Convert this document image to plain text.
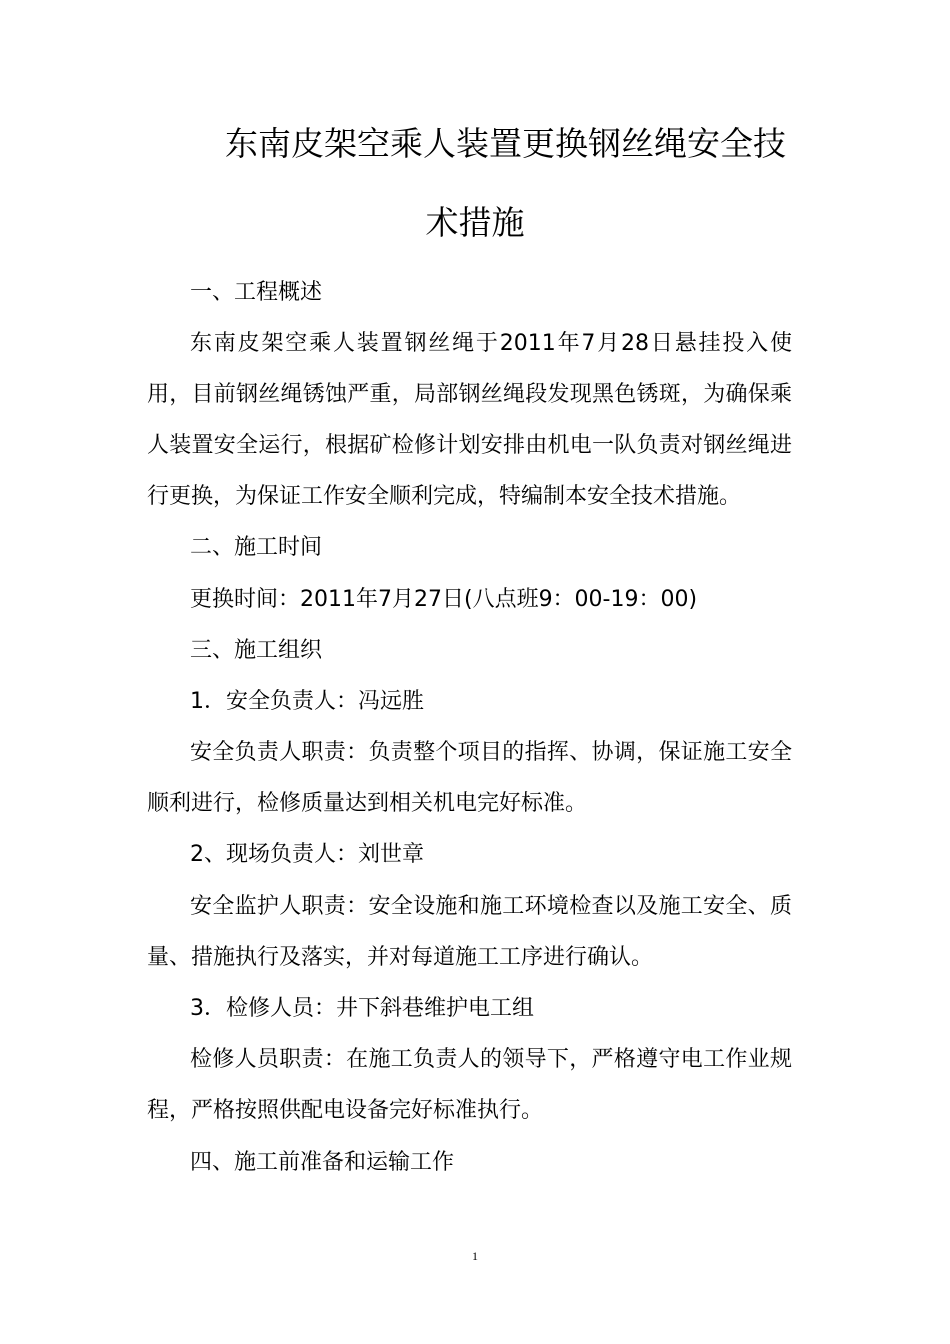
东南皮架空乘人装置更换钢丝绳安全技
术措施
一、工程概述
东南皮架空乘人装置钢丝绳于2011年7月28日悬挂投入使
用，目前钢丝绳锈蚀严重，局部钢丝绳段发现黑色锈斑，为确保乘
人装置安全运行，根据矿检修计划安排由机电一队负责对钢丝绳进
行更换，为保证工作安全顺利完成，特编制本安全技术措施。
二、施工时间
更换时间：2011年7月27日(八点班9：00-19：00)
三、施工组织
1．安全负责人：冯远胜
安全负责人职责：负责整个项目的指挥、协调，保证施工安全
顺利进行，检修质量达到相关机电完好标准。
2、现场负责人：刘世章
安全监护人职责：安全设施和施工环境检查以及施工安全、质
量、措施执行及落实，并对每道施工工序进行确认。
3．检修人员：井下斜巷维护电工组
检修人员职责：在施工负责人的领导下，严格遵守电工作业规
程，严格按照供配电设备完好标准执行。
四、施工前准备和运输工作
1
